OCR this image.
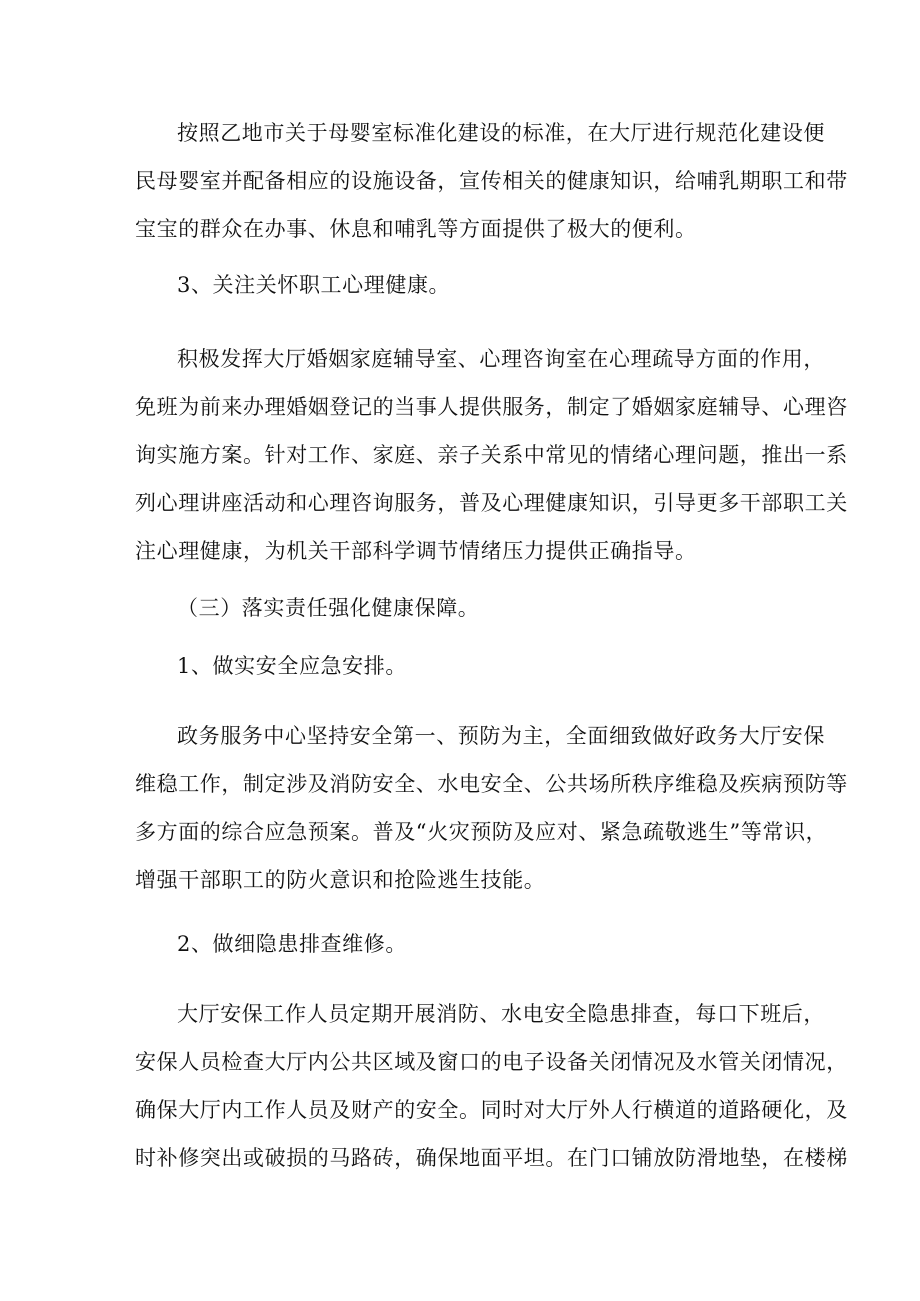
按照乙地市关于母婴室标准化建设的标准，在大厅进行规范化建设便
民母婴室并配备相应的设施设备，宣传相关的健康知识，给哺乳期职工和带
宝宝的群众在办事、休息和哺乳等方面提供了极大的便利。
3、关注关怀职工心理健康。
积极发挥大厅婚姻家庭辅导室、心理咨询室在心理疏导方面的作用，
免班为前来办理婚姻登记的当事人提供服务，制定了婚姻家庭辅导、心理咨
询实施方案。针对工作、家庭、亲子关系中常见的情绪心理问题，推出一系
列心理讲座活动和心理咨询服务，普及心理健康知识，引导更多干部职工关
注心理健康，为机关干部科学调节情绪压力提供正确指导。
（三）落实责任强化健康保障。
1、做实安全应急安排。
政务服务中心坚持安全第一、预防为主，全面细致做好政务大厅安保
维稳工作，制定涉及消防安全、水电安全、公共场所秩序维稳及疾病预防等
多方面的综合应急预案。普及“火灾预防及应对、紧急疏敬逃生”等常识，
增强干部职工的防火意识和抢险逃生技能。
2、做细隐患排查维修。
大厅安保工作人员定期开展消防、水电安全隐患排查，每口下班后，
安保人员检查大厅内公共区域及窗口的电子设备关闭情况及水管关闭情况，
确保大厅内工作人员及财产的安全。同时对大厅外人行横道的道路硬化，及
时补修突出或破损的马路砖，确保地面平坦。在门口铺放防滑地垫，在楼梯
